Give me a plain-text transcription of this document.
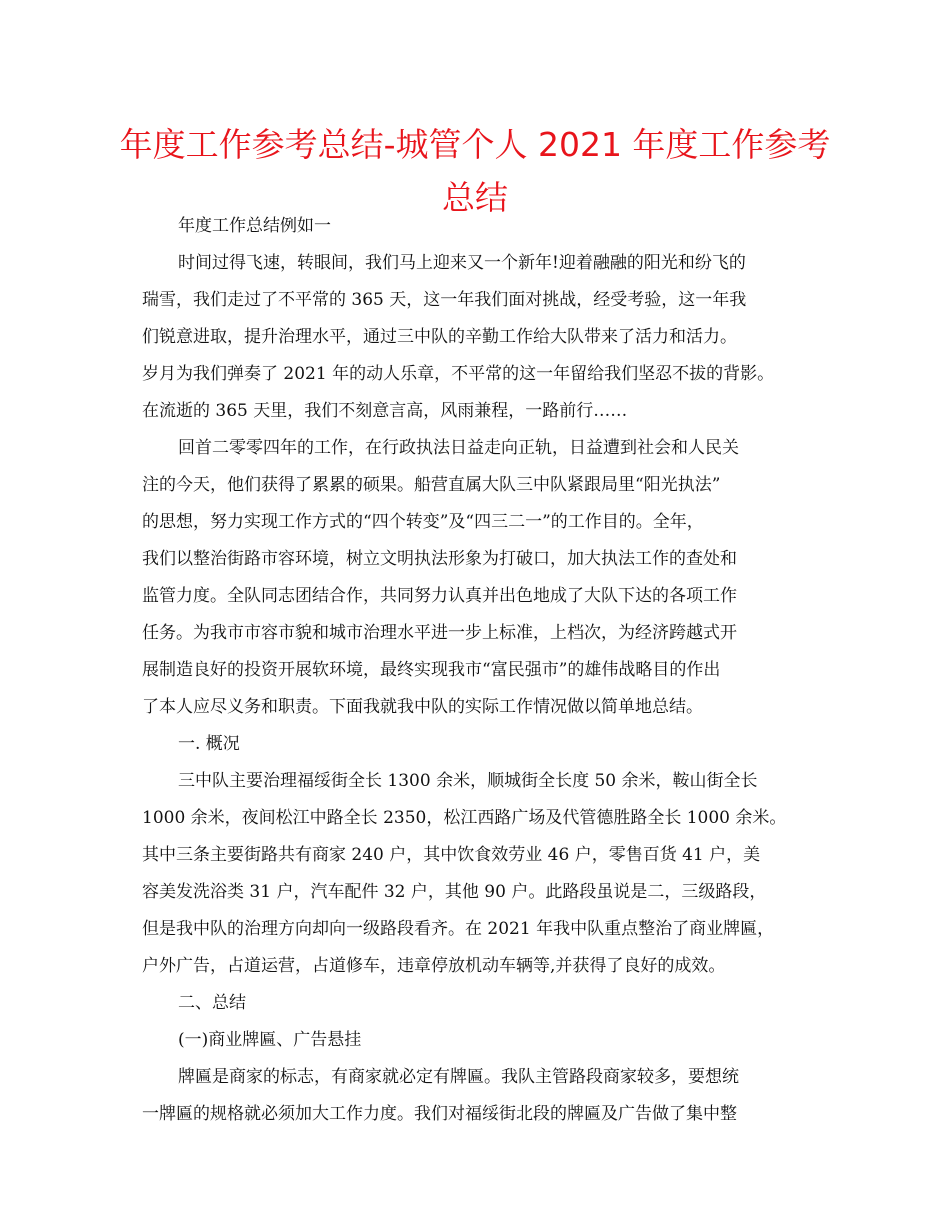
年度工作参考总结-城管个人 2021 年度工作参考
总结

年度工作总结例如一

时间过得飞速，转眼间，我们马上迎来又一个新年!迎着融融的阳光和纷飞的
瑞雪，我们走过了不平常的 365 天，这一年我们面对挑战，经受考验，这一年我
们锐意进取，提升治理水平，通过三中队的辛勤工作给大队带来了活力和活力。
岁月为我们弹奏了 2021 年的动人乐章，不平常的这一年留给我们坚忍不拔的背影。
在流逝的 365 天里，我们不刻意言高，风雨兼程，一路前行……

回首二零零四年的工作，在行政执法日益走向正轨，日益遭到社会和人民关
注的今天，他们获得了累累的硕果。船营直属大队三中队紧跟局里“阳光执法”
的思想，努力实现工作方式的“四个转变”及“四三二一”的工作目的。全年，
我们以整治街路市容环境，树立文明执法形象为打破口，加大执法工作的查处和
监管力度。全队同志团结合作，共同努力认真并出色地成了大队下达的各项工作
任务。为我市市容市貌和城市治理水平进一步上标准，上档次，为经济跨越式开
展制造良好的投资开展软环境，最终实现我市“富民强市”的雄伟战略目的作出
了本人应尽义务和职责。下面我就我中队的实际工作情况做以简单地总结。

一. 概况

三中队主要治理福绥街全长 1300 余米，顺城街全长度 50 余米，鞍山街全长
1000 余米，夜间松江中路全长 2350，松江西路广场及代管德胜路全长 1000 余米。
其中三条主要街路共有商家 240 户，其中饮食效劳业 46 户，零售百货 41 户，美
容美发洗浴类 31 户，汽车配件 32 户，其他 90 户。此路段虽说是二，三级路段，
但是我中队的治理方向却向一级路段看齐。在 2021 年我中队重点整治了商业牌匾，
户外广告，占道运营，占道修车，违章停放机动车辆等,并获得了良好的成效。

二、总结

(一)商业牌匾、广告悬挂

牌匾是商家的标志，有商家就必定有牌匾。我队主管路段商家较多，要想统
一牌匾的规格就必须加大工作力度。我们对福绥街北段的牌匾及广告做了集中整
